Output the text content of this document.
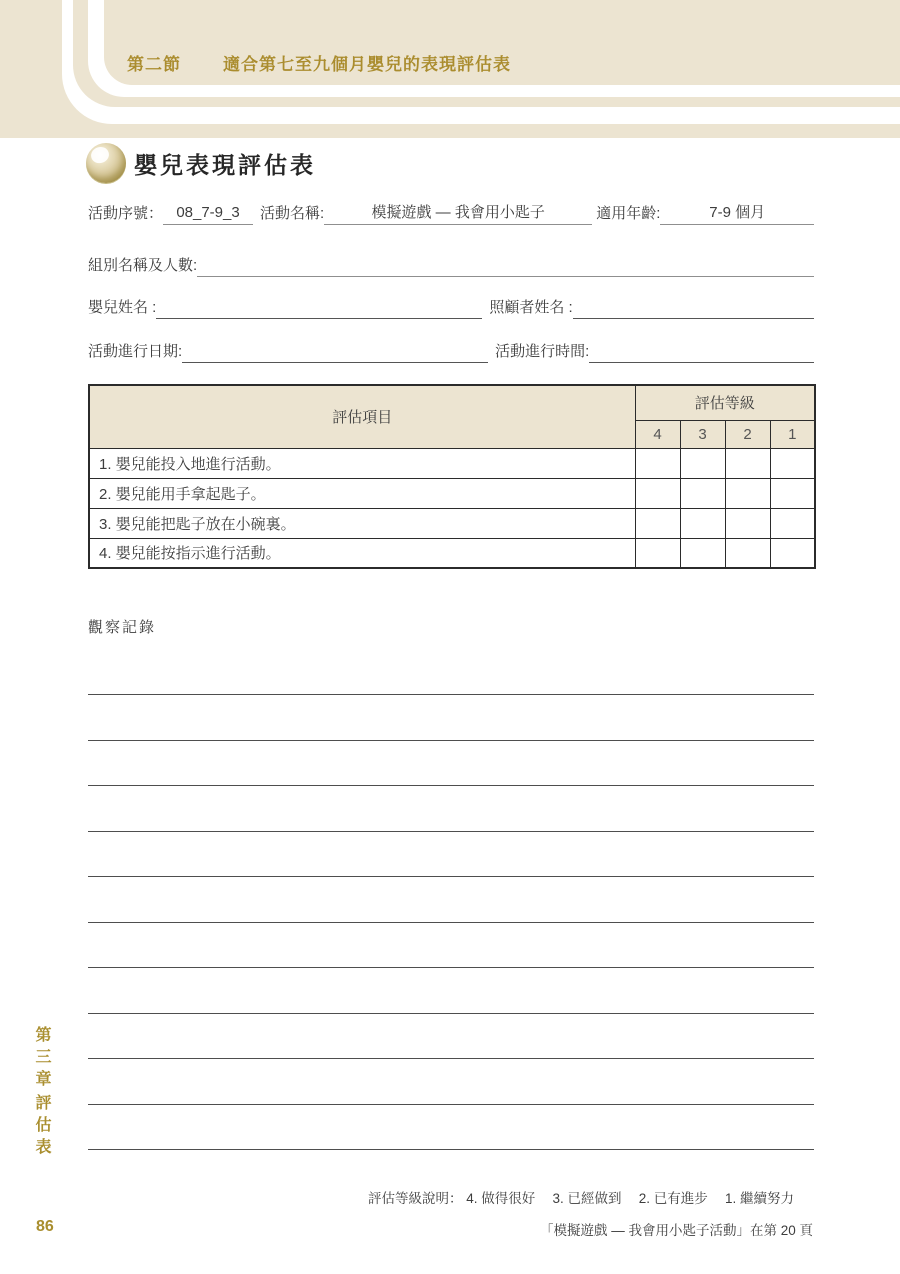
第二節 適合第七至九個月嬰兒的表現評估表
嬰兒表現評估表
活動序號： 08_7-9_3	活動名稱:	模擬遊戲 — 我會用小匙子	適用年齡:	7-9 個月
組別名稱及人數:
嬰兒姓名 :	照顧者姓名 :
活動進行日期:	活動進行時間:
評估項目	評估等級			
	4	3	2	1
1. 嬰兒能投入地進行活動。				
2. 嬰兒能用手拿起匙子。				
3. 嬰兒能把匙子放在小碗裏。				
4. 嬰兒能按指示進行活動。				
觀察記錄
第三章
評估表
86
評估等級說明： 4. 做得很好　 3. 已經做到　 2. 已有進步　 1. 繼續努力
「模擬遊戲 — 我會用小匙子活動」在第 20 頁
